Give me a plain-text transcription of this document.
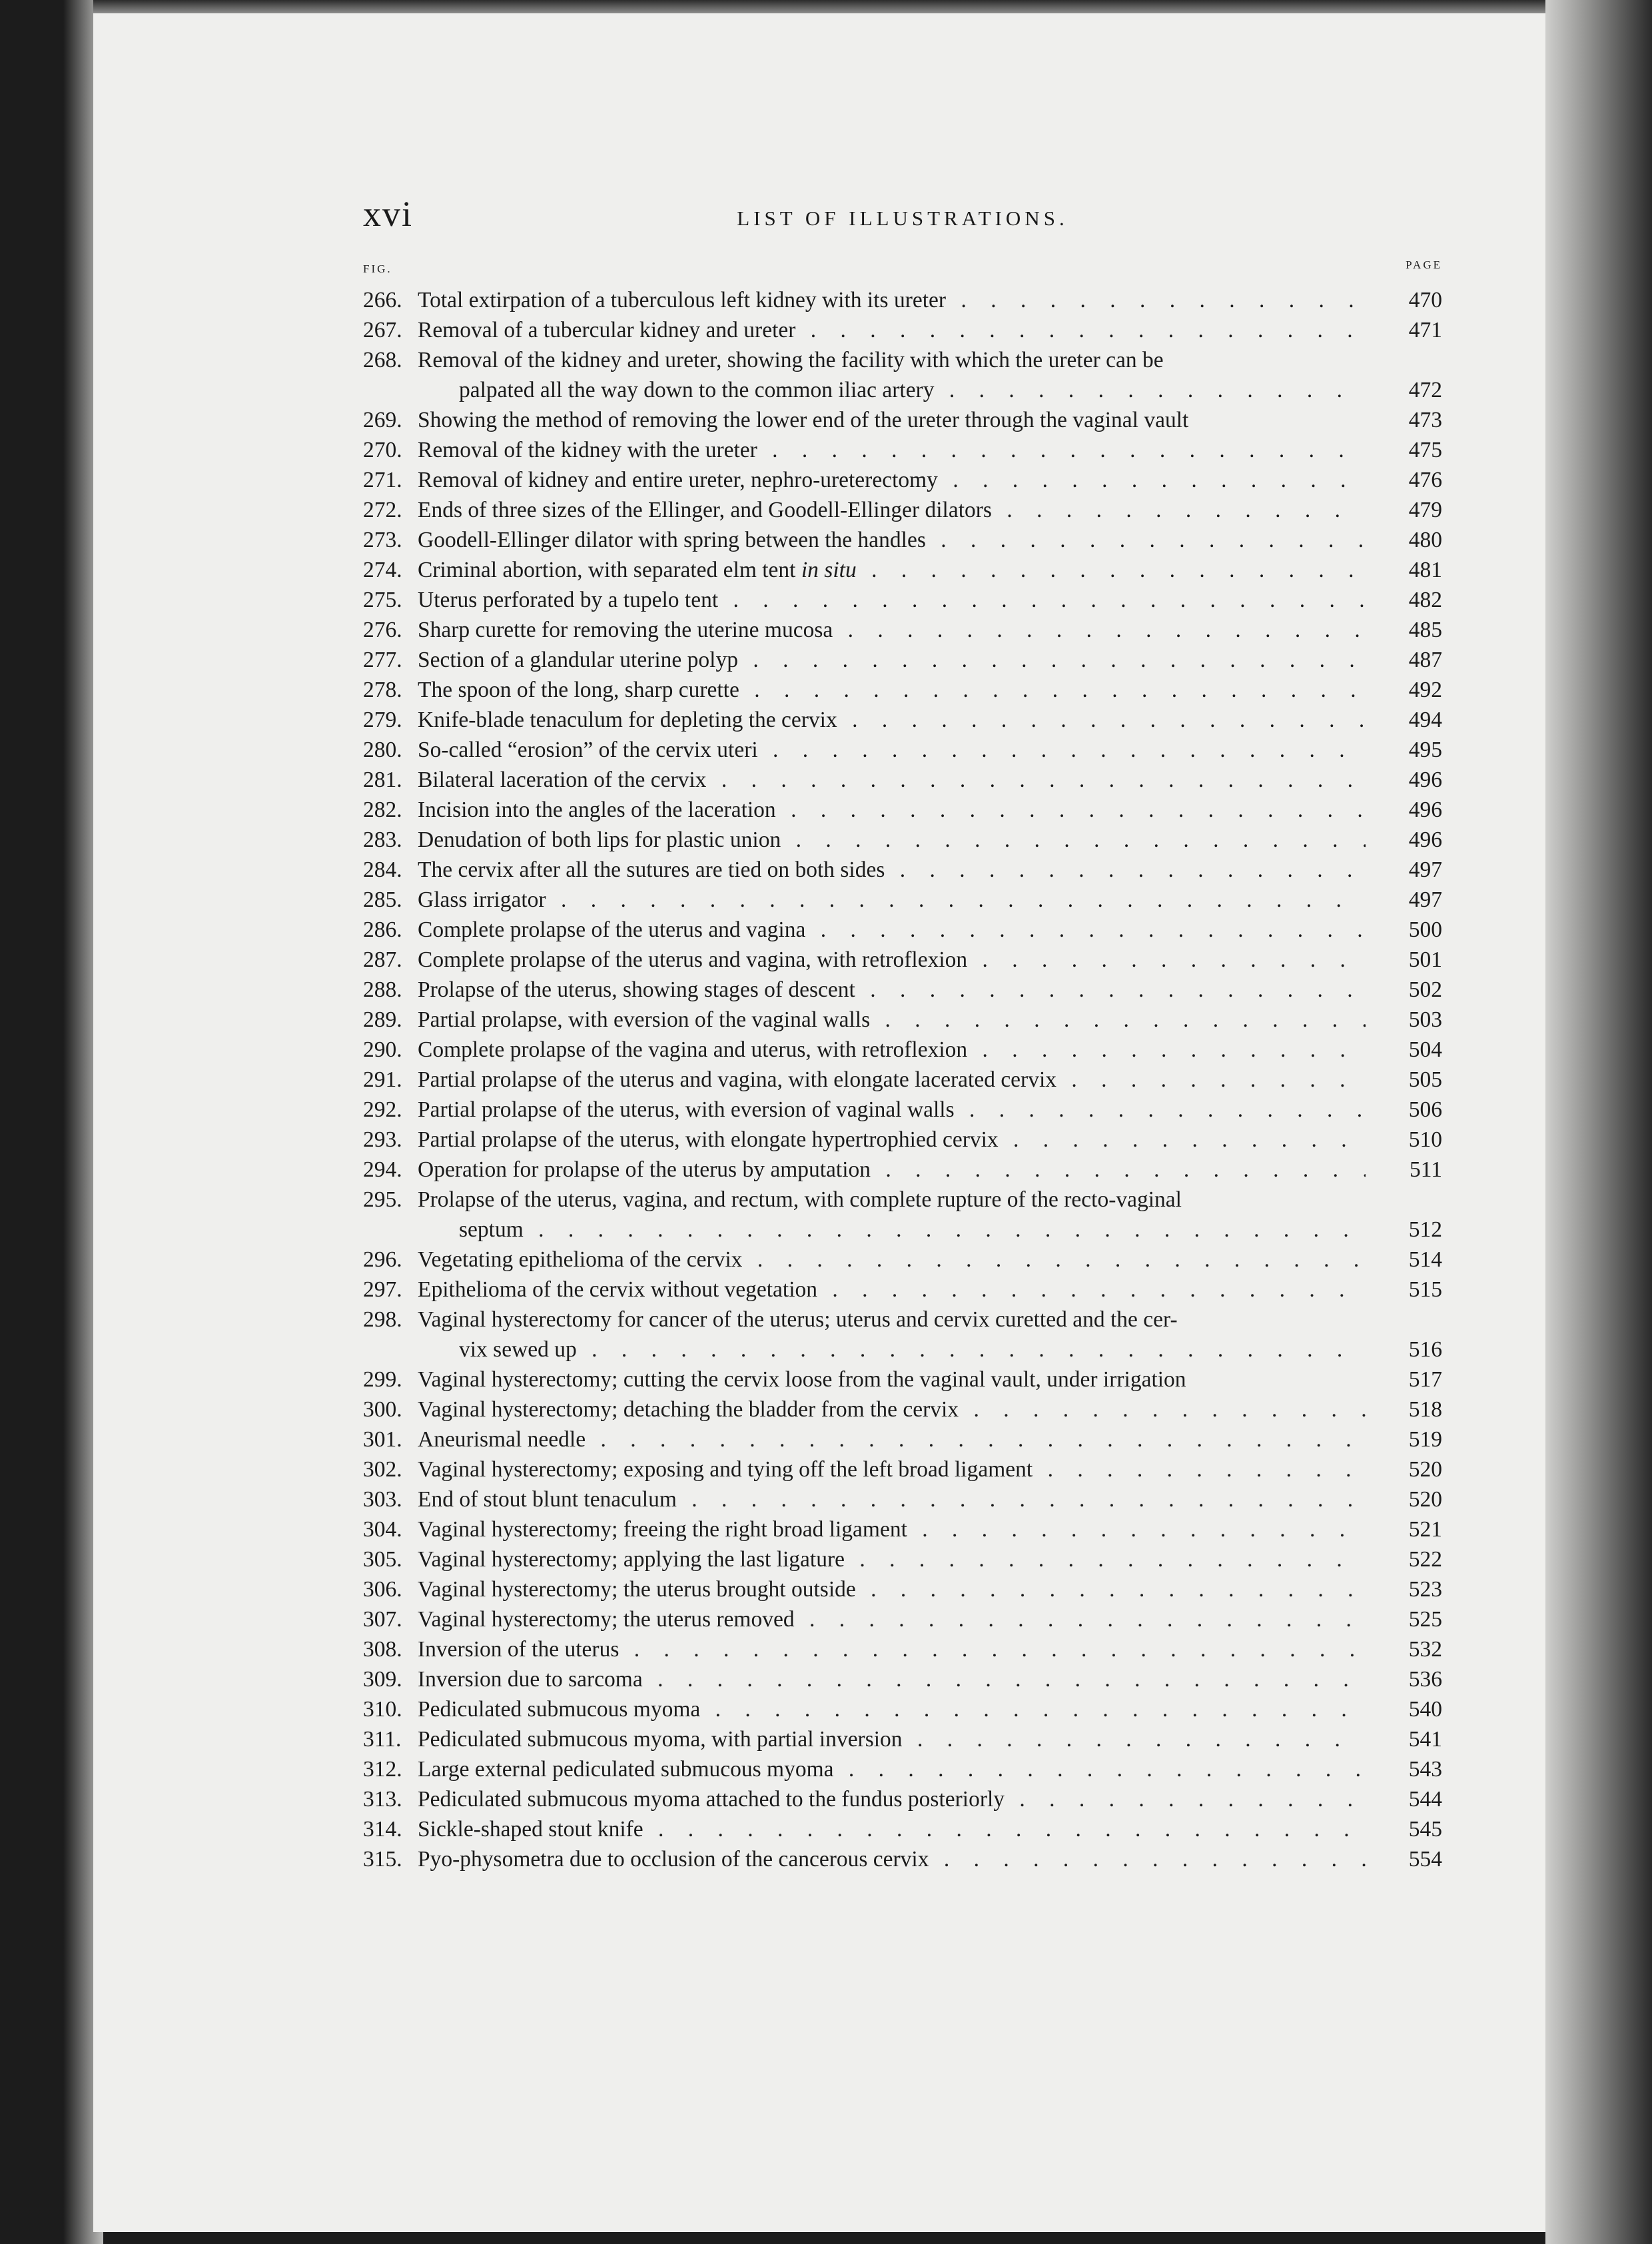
xvi	LIST OF ILLUSTRATIONS.
FIG.	PAGE
266. Total extirpation of a tuberculous left kidney with its ureter . . .	470
267. Removal of a tubercular kidney and ureter . . .	471
268. Removal of the kidney and ureter, showing the facility with which the ureter can be
palpated all the way down to the common iliac artery . . .	472
269. Showing the method of removing the lower end of the ureter through the vaginal vault	473
270. Removal of the kidney with the ureter . . .	475
271. Removal of kidney and entire ureter, nephro-ureterectomy . . .	476
272. Ends of three sizes of the Ellinger, and Goodell-Ellinger dilators . . .	479
273. Goodell-Ellinger dilator with spring between the handles . . .	480
274. Criminal abortion, with separated elm tent in situ . . .	481
275. Uterus perforated by a tupelo tent . . .	482
276. Sharp curette for removing the uterine mucosa . . .	485
277. Section of a glandular uterine polyp . . .	487
278. The spoon of the long, sharp curette . . .	492
279. Knife-blade tenaculum for depleting the cervix . . .	494
280. So-called “erosion” of the cervix uteri . . .	495
281. Bilateral laceration of the cervix . . .	496
282. Incision into the angles of the laceration . . .	496
283. Denudation of both lips for plastic union . . .	496
284. The cervix after all the sutures are tied on both sides . . .	497
285. Glass irrigator . . .	497
286. Complete prolapse of the uterus and vagina . . .	500
287. Complete prolapse of the uterus and vagina, with retroflexion . . .	501
288. Prolapse of the uterus, showing stages of descent . . .	502
289. Partial prolapse, with eversion of the vaginal walls . . .	503
290. Complete prolapse of the vagina and uterus, with retroflexion . . .	504
291. Partial prolapse of the uterus and vagina, with elongate lacerated cervix . . .	505
292. Partial prolapse of the uterus, with eversion of vaginal walls . . .	506
293. Partial prolapse of the uterus, with elongate hypertrophied cervix . . .	510
294. Operation for prolapse of the uterus by amputation . . .	511
295. Prolapse of the uterus, vagina, and rectum, with complete rupture of the recto-vaginal
septum . . .	512
296. Vegetating epithelioma of the cervix . . .	514
297. Epithelioma of the cervix without vegetation . . .	515
298. Vaginal hysterectomy for cancer of the uterus; uterus and cervix curetted and the cer-
vix sewed up . . .	516
299. Vaginal hysterectomy; cutting the cervix loose from the vaginal vault, under irrigation	517
300. Vaginal hysterectomy; detaching the bladder from the cervix . . .	518
301. Aneurismal needle . . .	519
302. Vaginal hysterectomy; exposing and tying off the left broad ligament . . .	520
303. End of stout blunt tenaculum . . .	520
304. Vaginal hysterectomy; freeing the right broad ligament . . .	521
305. Vaginal hysterectomy; applying the last ligature . . .	522
306. Vaginal hysterectomy; the uterus brought outside . . .	523
307. Vaginal hysterectomy; the uterus removed . . .	525
308. Inversion of the uterus . . .	532
309. Inversion due to sarcoma . . .	536
310. Pediculated submucous myoma . . .	540
311. Pediculated submucous myoma, with partial inversion . . .	541
312. Large external pediculated submucous myoma . . .	543
313. Pediculated submucous myoma attached to the fundus posteriorly . . .	544
314. Sickle-shaped stout knife . . .	545
315. Pyo-physometra due to occlusion of the cancerous cervix . . .	554
